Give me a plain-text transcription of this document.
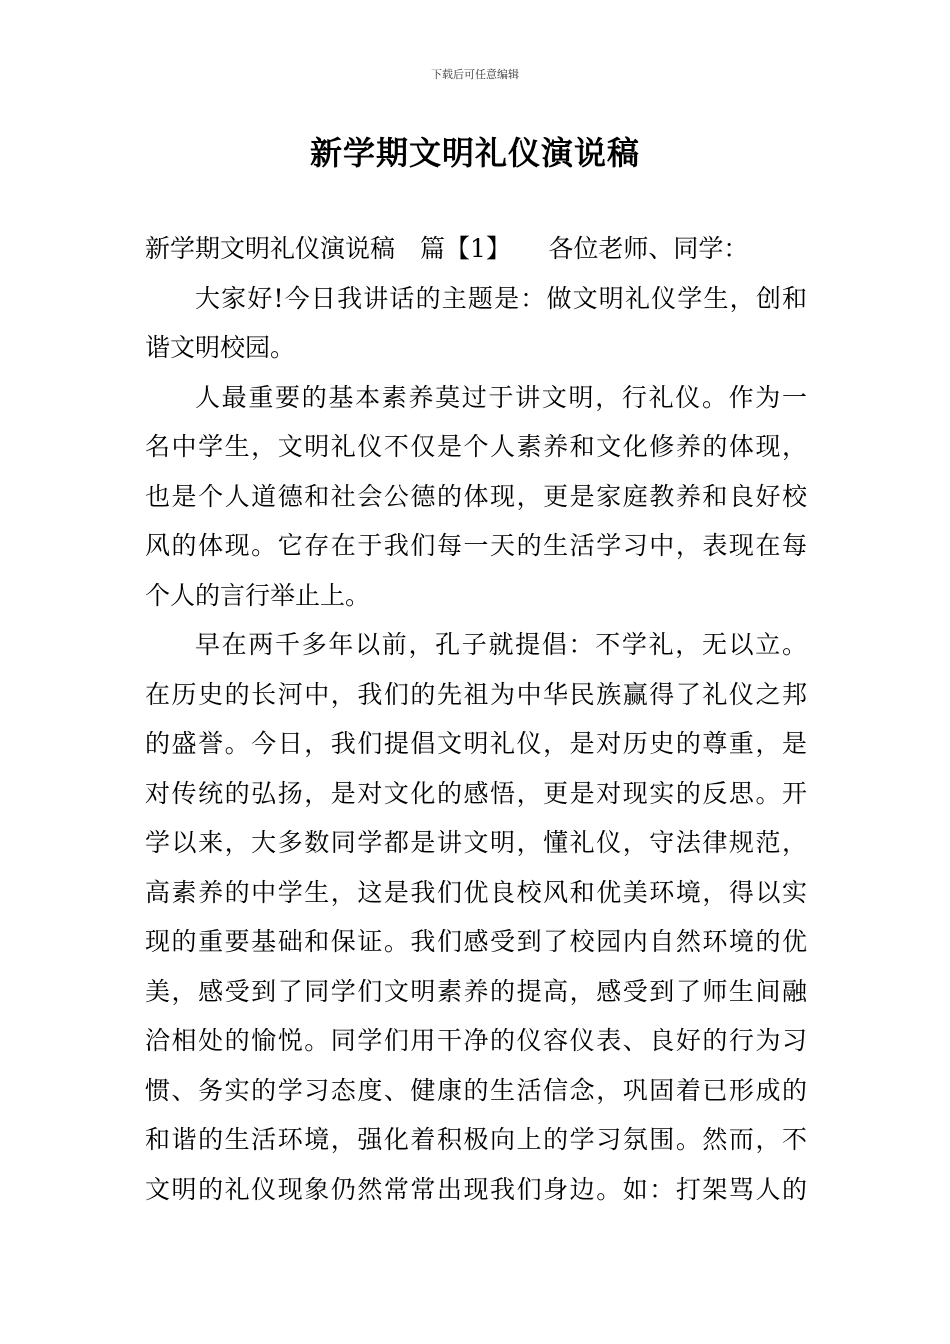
下载后可任意编辑
新学期文明礼仪演说稿
新学期文明礼仪演说稿　篇【1】　　各位老师、同学：
大家好!今日我讲话的主题是：做文明礼仪学生，创和
谐文明校园。
人最重要的基本素养莫过于讲文明，行礼仪。作为一
名中学生，文明礼仪不仅是个人素养和文化修养的体现，
也是个人道德和社会公德的体现，更是家庭教养和良好校
风的体现。它存在于我们每一天的生活学习中，表现在每
个人的言行举止上。
早在两千多年以前，孔子就提倡：不学礼，无以立。
在历史的长河中，我们的先祖为中华民族赢得了礼仪之邦
的盛誉。今日，我们提倡文明礼仪，是对历史的尊重，是
对传统的弘扬，是对文化的感悟，更是对现实的反思。开
学以来，大多数同学都是讲文明，懂礼仪，守法律规范，
高素养的中学生，这是我们优良校风和优美环境，得以实
现的重要基础和保证。我们感受到了校园内自然环境的优
美，感受到了同学们文明素养的提高，感受到了师生间融
洽相处的愉悦。同学们用干净的仪容仪表、良好的行为习
惯、务实的学习态度、健康的生活信念，巩固着已形成的
和谐的生活环境，强化着积极向上的学习氛围。然而，不
文明的礼仪现象仍然常常出现我们身边。如：打架骂人的
